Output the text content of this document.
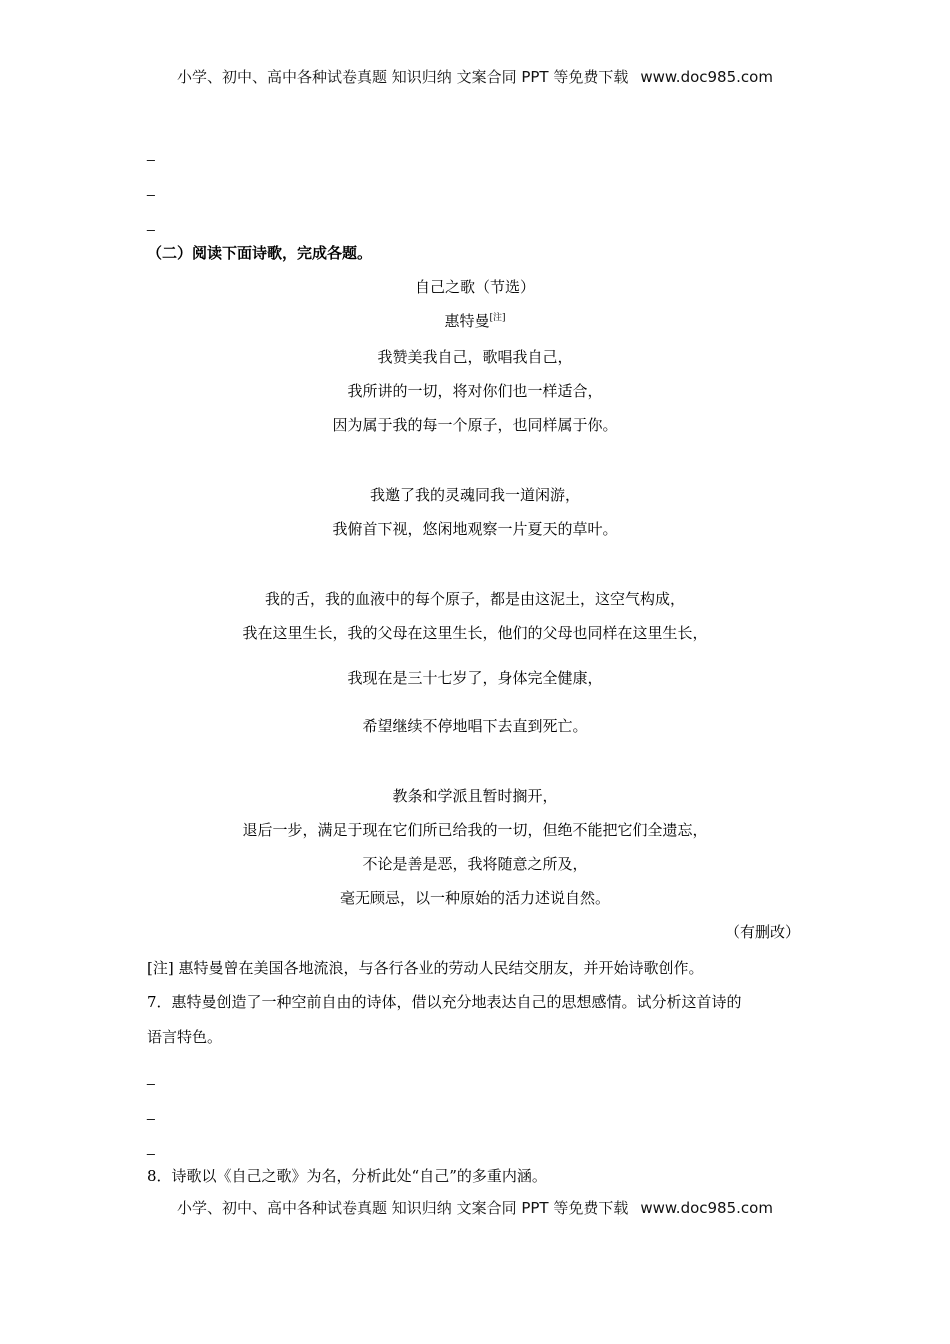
小学、初中、高中各种试卷真题 知识归纳 文案合同 PPT 等免费下载 www.doc985.com
_
_
_
（二）阅读下面诗歌，完成各题。
自己之歌（节选）
惠特曼[注]
我赞美我自己，歌唱我自己，
我所讲的一切，将对你们也一样适合，
因为属于我的每一个原子，也同样属于你。
我邀了我的灵魂同我一道闲游，
我俯首下视，悠闲地观察一片夏天的草叶。
我的舌，我的血液中的每个原子，都是由这泥土，这空气构成，
我在这里生长，我的父母在这里生长，他们的父母也同样在这里生长，
我现在是三十七岁了，身体完全健康，
希望继续不停地唱下去直到死亡。
教条和学派且暂时搁开，
退后一步，满足于现在它们所已给我的一切，但绝不能把它们全遗忘，
不论是善是恶，我将随意之所及，
毫无顾忌，以一种原始的活力述说自然。
（有删改）
[注] 惠特曼曾在美国各地流浪，与各行各业的劳动人民结交朋友，并开始诗歌创作。
7．惠特曼创造了一种空前自由的诗体，借以充分地表达自己的思想感情。试分析这首诗的
语言特色。
_
_
_
8．诗歌以《自己之歌》为名，分析此处“自己”的多重内涵。
小学、初中、高中各种试卷真题 知识归纳 文案合同 PPT 等免费下载 www.doc985.com
